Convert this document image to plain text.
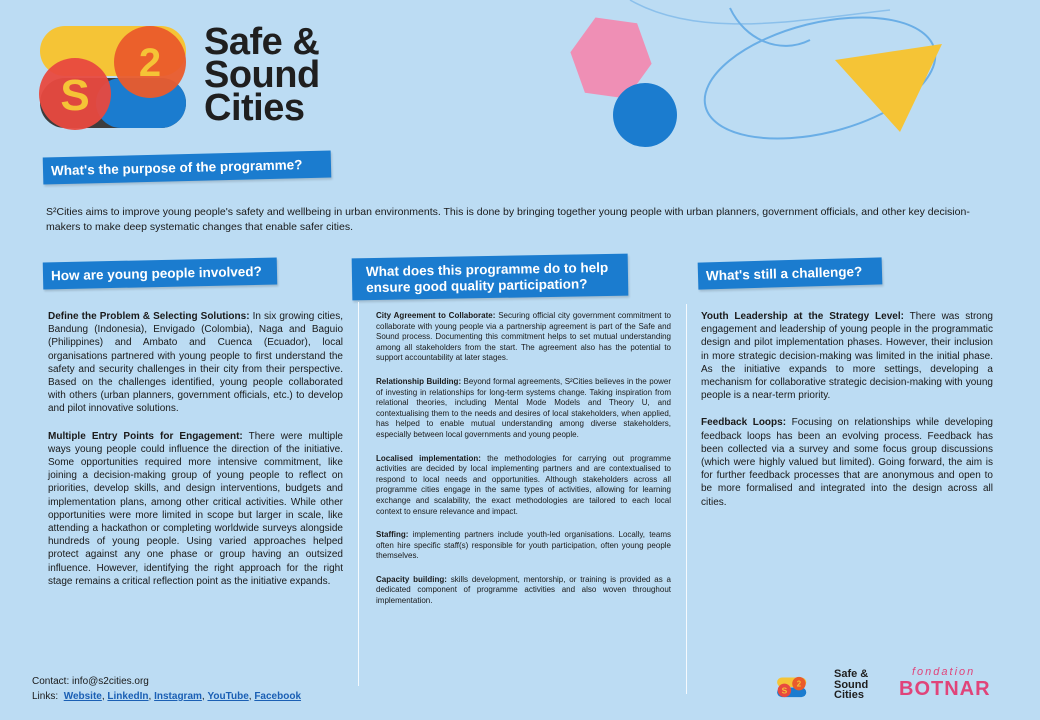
S
2 Safe &
Sound
Cities
What's the purpose of the programme?
S²Cities aims to improve young people's safety and wellbeing in urban environments. This is done by bringing together young people with urban planners, government officials, and other key decision-makers to make deep systematic changes that enable safer cities.
How are young people involved?	What does this programme do to help ensure good quality participation?
What's still a challenge?

Define the Problem & Selecting Solutions: In six growing cities, Bandung (Indonesia), Envigado (Colombia), Naga and Baguio (Philippines) and Ambato and Cuenca (Ecuador), local organisations partnered with young people to first understand the safety and security challenges in their city from their perspective. Based on the challenges identified, young people collaborated with others (urban planners, government officials, etc.) to develop and pilot innovative solutions.

Multiple Entry Points for Engagement: There were multiple ways young people could influence the direction of the initiative. Some opportunities required more intensive commitment, like joining a decision-making group of young people to reflect on priorities, develop skills, and design interventions, budgets and implementation plans, among other critical activities. While other opportunities were more limited in scope but larger in scale, like attending a hackathon or completing worldwide surveys alongside hundreds of young people. Using varied approaches helped protect against any one phase or group having an outsized influence. However, identifying the right approach for the right stage remains a critical reflection point as the initiative expands.

City Agreement to Collaborate: Securing official city government commitment to collaborate with young people via a partnership agreement is part of the Safe and Sound process. Documenting this commitment helps to set mutual understanding among all stakeholders from the start. The agreement also has the potential to support accountability at later stages.

Relationship Building: Beyond formal agreements, S²Cities believes in the power of investing in relationships for long-term systems change. Taking inspiration from relational theories, including Mental Mode Models and Theory U, and contextualising them to the needs and desires of local stakeholders, when applied, has helped to enable mutual understanding among diverse stakeholders, especially between local governments and young people.

Localised implementation: the methodologies for carrying out programme activities are decided by local implementing partners and are contextualised to respond to local needs and opportunities. Although stakeholders across all programme cities engage in the same types of activities, allowing for learning exchange and scalability, the exact methodologies are tailored to each local context to ensure relevance and impact.

Staffing: implementing partners include youth-led organisations. Locally, teams often hire specific staff(s) responsible for youth participation, often young people themselves.

Capacity building: skills development, mentorship, or training is provided as a dedicated component of programme activities and also woven throughout implementation.

Youth Leadership at the Strategy Level: There was strong engagement and leadership of young people in the programmatic design and pilot implementation phases. However, their inclusion in more strategic decision-making was limited in the initial phase. As the initiative expands to more settings, developing a mechanism for collaborative strategic decision-making with young people is a near-term priority.

Feedback Loops: Focusing on relationships while developing feedback loops has been an evolving process. Feedback has been collected via a survey and some focus group discussions (which were highly valued but limited). Going forward, the aim is for further feedback processes that are anonymous and open to be more formalised and integrated into the design across all cities.

Contact: info@s2cities.org
Links: Website, LinkedIn, Instagram, YouTube, Facebook
S
2
Safe &
Sound
Cities
fondation
BOTNAR
